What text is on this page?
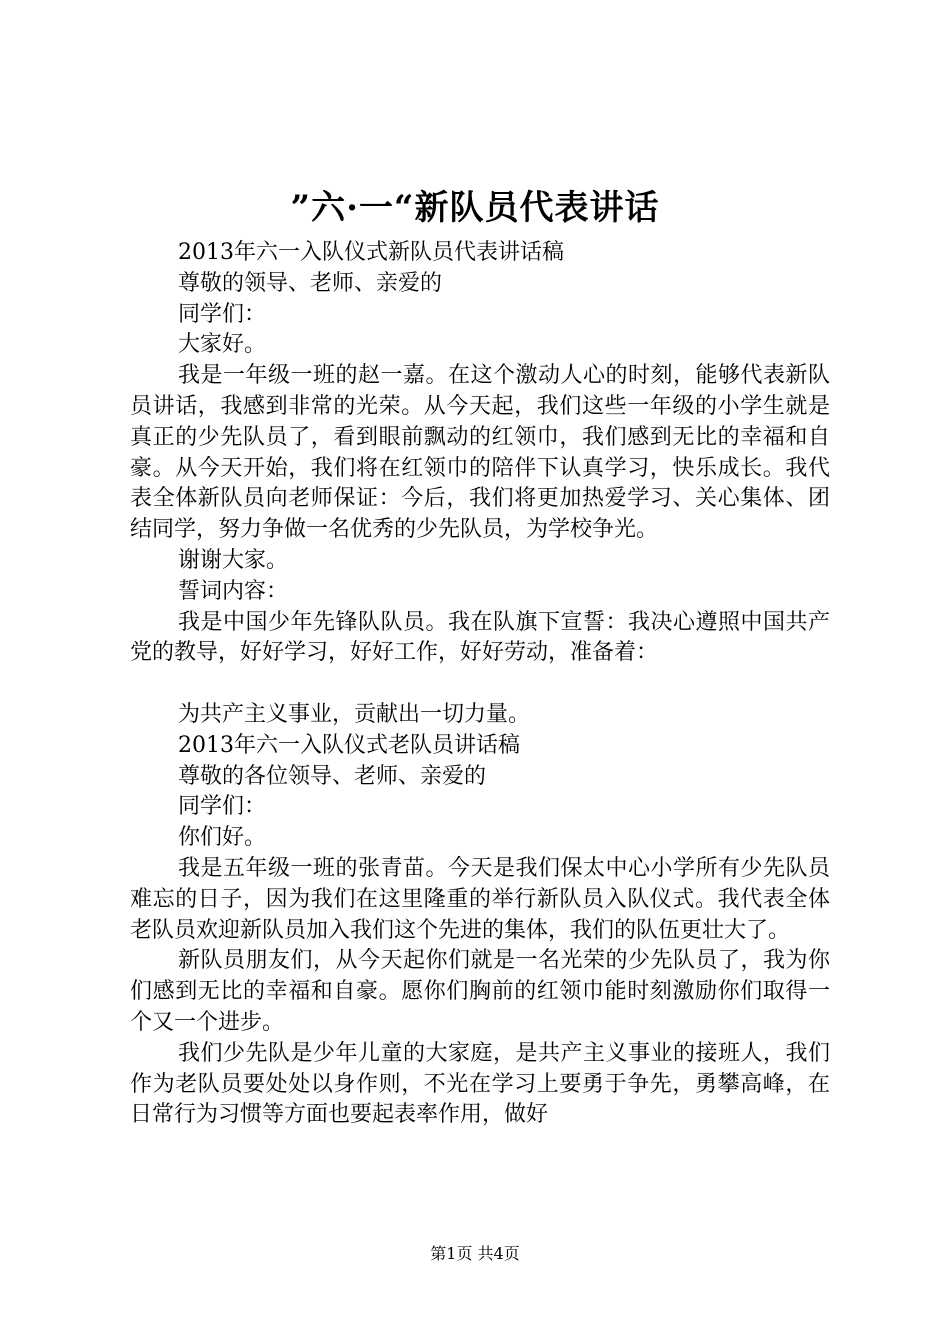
”六·一“新队员代表讲话

2013年六一入队仪式新队员代表讲话稿

尊敬的领导、老师、亲爱的

同学们：

大家好。

我是一年级一班的赵一嘉。在这个激动人心的时刻，能够代表新队员讲话，我感到非常的光荣。从今天起，我们这些一年级的小学生就是真正的少先队员了，看到眼前飘动的红领巾，我们感到无比的幸福和自豪。从今天开始，我们将在红领巾的陪伴下认真学习，快乐成长。我代表全体新队员向老师保证：今后，我们将更加热爱学习、关心集体、团结同学，努力争做一名优秀的少先队员，为学校争光。

谢谢大家。

誓词内容：

我是中国少年先锋队队员。我在队旗下宣誓：我决心遵照中国共产党的教导，好好学习，好好工作，好好劳动，准备着：

为共产主义事业，贡献出一切力量。

2013年六一入队仪式老队员讲话稿

尊敬的各位领导、老师、亲爱的

同学们：

你们好。

我是五年级一班的张青苗。今天是我们保太中心小学所有少先队员难忘的日子，因为我们在这里隆重的举行新队员入队仪式。我代表全体老队员欢迎新队员加入我们这个先进的集体，我们的队伍更壮大了。

新队员朋友们，从今天起你们就是一名光荣的少先队员了，我为你们感到无比的幸福和自豪。愿你们胸前的红领巾能时刻激励你们取得一个又一个进步。

我们少先队是少年儿童的大家庭，是共产主义事业的接班人，我们作为老队员要处处以身作则，不光在学习上要勇于争先，勇攀高峰，在日常行为习惯等方面也要起表率作用，做好

第1页 共4页
